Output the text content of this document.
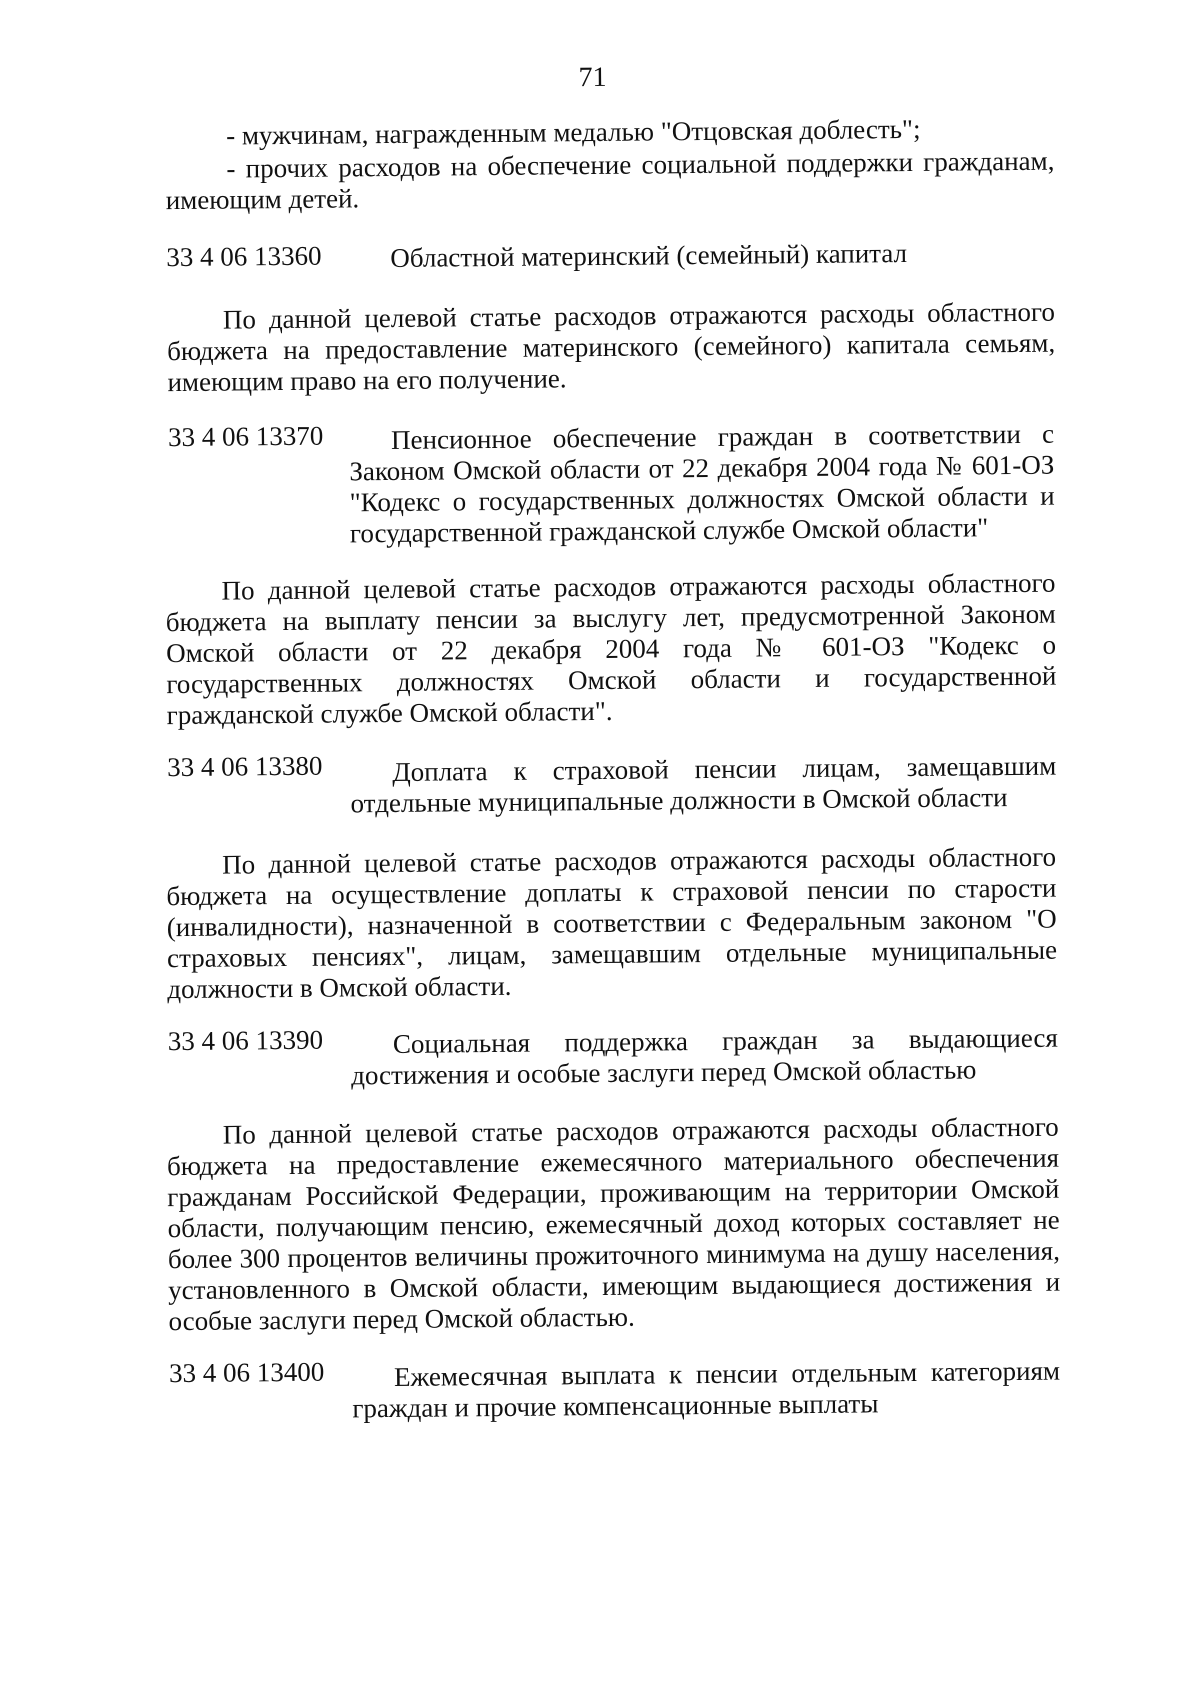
71
- мужчинам, награжденным медалью "Отцовская доблесть";
- прочих расходов на обеспечение социальной поддержки гражданам,
имеющим детей.
33 4 06 13360	Областной материнский (семейный) капитал
По данной целевой статье расходов отражаются расходы областного
бюджета на предоставление материнского (семейного) капитала семьям,
имеющим право на его получение.
33 4 06 13370	Пенсионное обеспечение граждан в соответствии с
Законом Омской области от 22 декабря 2004 года № 601-ОЗ
"Кодекс о государственных должностях Омской области и
государственной гражданской службе Омской области"
По данной целевой статье расходов отражаются расходы областного
бюджета на выплату пенсии за выслугу лет, предусмотренной Законом
Омской области от 22 декабря 2004 года № 601-ОЗ "Кодекс о
государственных должностях Омской области и государственной
гражданской службе Омской области".
33 4 06 13380	Доплата к страховой пенсии лицам, замещавшим
отдельные муниципальные должности в Омской области
По данной целевой статье расходов отражаются расходы областного
бюджета на осуществление доплаты к страховой пенсии по старости
(инвалидности), назначенной в соответствии с Федеральным законом "О
страховых пенсиях", лицам, замещавшим отдельные муниципальные
должности в Омской области.
33 4 06 13390	Социальная поддержка граждан за выдающиеся
достижения и особые заслуги перед Омской областью
По данной целевой статье расходов отражаются расходы областного
бюджета на предоставление ежемесячного материального обеспечения
гражданам Российской Федерации, проживающим на территории Омской
области, получающим пенсию, ежемесячный доход которых составляет не
более 300 процентов величины прожиточного минимума на душу населения,
установленного в Омской области, имеющим выдающиеся достижения и
особые заслуги перед Омской областью.
33 4 06 13400	Ежемесячная выплата к пенсии отдельным категориям
граждан и прочие компенсационные выплаты
